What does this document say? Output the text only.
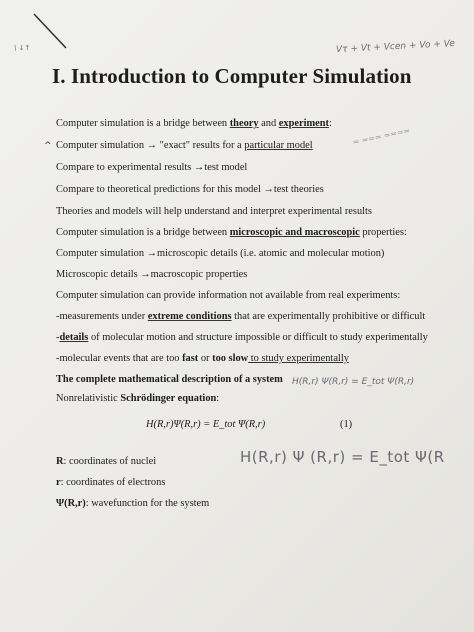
\ ↓↑	Vτ + Vt + Vcen + Vo + Ve
I. Introduction to Computer Simulation
Computer simulation is a bridge between theory and experiment:
^ Computer simulation → "exact" results for a particular model	≈ ≈≈≈ ≈≈≈≈
Compare to experimental results →test model
Compare to theoretical predictions for this model →test theories
Theories and models will help understand and interpret experimental results
Computer simulation is a bridge between microscopic and macroscopic properties:
Computer simulation →microscopic details (i.e. atomic and molecular motion)
Microscopic details →macroscopic properties
Computer simulation can provide information not available from real experiments:
-measurements under extreme conditions that are experimentally prohibitive or difficult
-details of molecular motion and structure impossible or difficult to study experimentally
-molecular events that are too fast or too slow to study experimentally
The complete mathematical description of a system H(R,r) Ψ(R,r) = E_tot Ψ(R,r)
Nonrelativistic Schrödinger equation:
H(R,r)Ψ(R,r) = E_tot Ψ(R,r)	(1)
H(R,r) Ψ (R,r) = E_tot Ψ(R
R: coordinates of nuclei
r: coordinates of electrons
Ψ(R,r): wavefunction for the system
